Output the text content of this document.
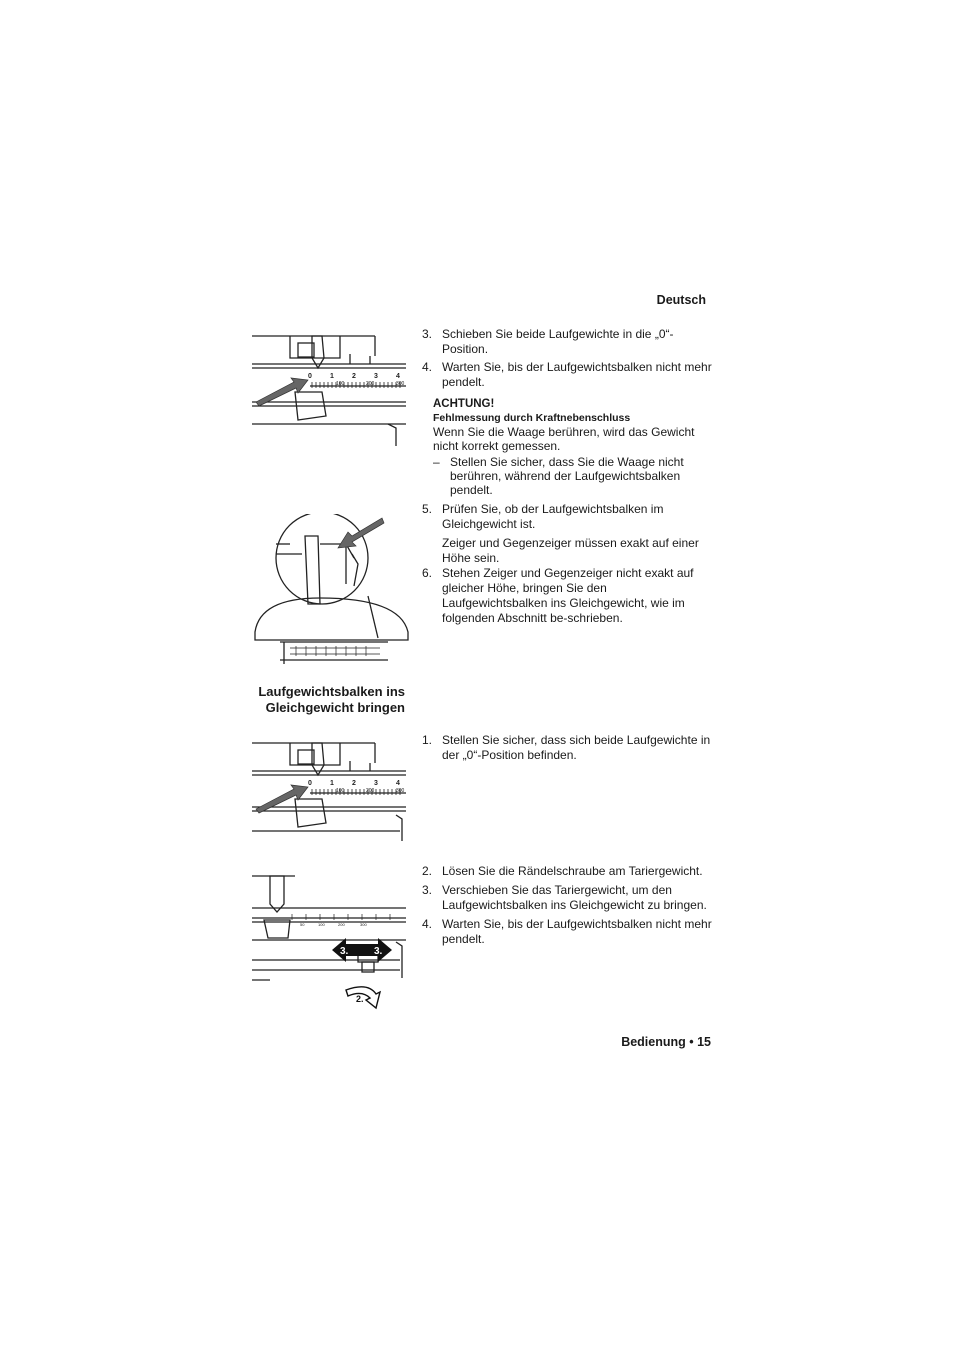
Deutsch
0	1	2	3	4
100	200	300
3. Schieben Sie beide Laufgewichte in die „0“-Position.

4. Warten Sie, bis der Laufgewichtsbalken nicht mehr pendelt.

ACHTUNG!
Fehlmessung durch Kraftnebenschluss

Wenn Sie die Waage berühren, wird das Gewicht nicht korrekt gemessen.

– Stellen Sie sicher, dass Sie die Waage nicht berühren, während der Laufgewichtsbalken pendelt.
5. Prüfen Sie, ob der Laufgewichtsbalken im Gleichgewicht ist.

Zeiger und Gegenzeiger müssen exakt auf einer Höhe sein.

6. Stehen Zeiger und Gegenzeiger nicht exakt auf gleicher Höhe, bringen Sie den Laufgewichtsbalken ins Gleichgewicht, wie im folgenden Abschnitt be-schrieben.

Laufgewichtsbalken ins
Gleichgewicht bringen
0	1	2	3	4
100	200	300
1. Stellen Sie sicher, dass sich beide Laufgewichte in der „0“-Position befinden.

50	100	200	300
3.	3.
2.
2. Lösen Sie die Rändelschraube am Tariergewicht.

3. Verschieben Sie das Tariergewicht, um den Laufgewichtsbalken ins Gleichgewicht zu bringen.

4. Warten Sie, bis der Laufgewichtsbalken nicht mehr pendelt.

Bedienung • 15
